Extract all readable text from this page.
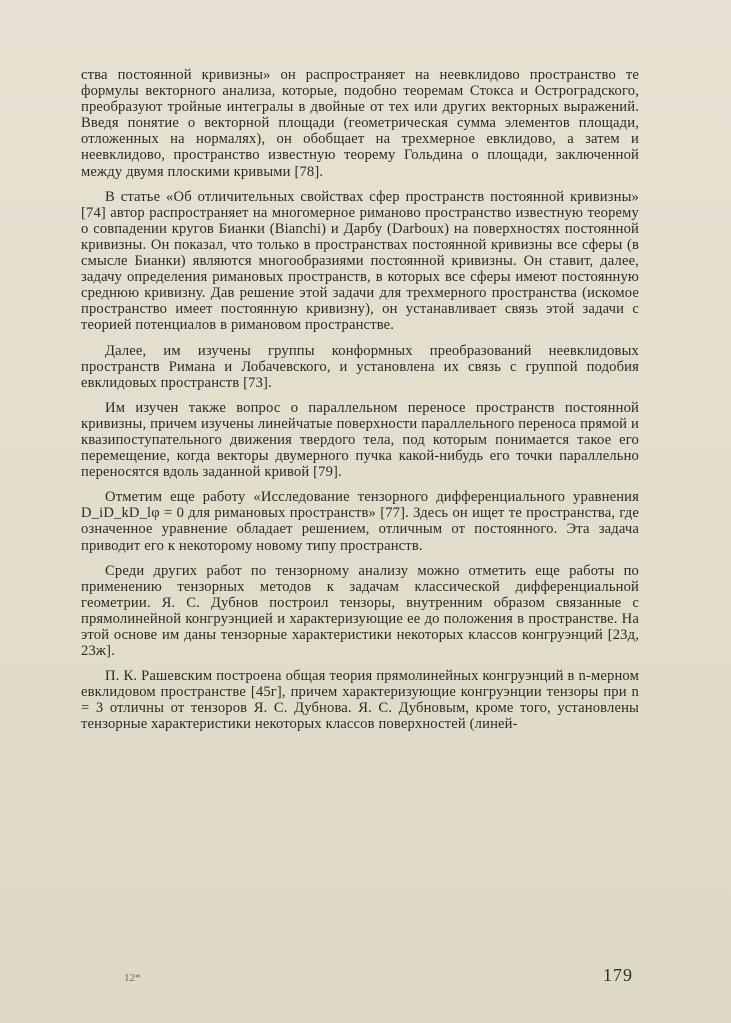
ства постоянной кривизны» он распространяет на неевклидово пространство те формулы векторного анализа, которые, подобно теоремам Стокса и Остроградского, преобразуют тройные интегралы в двойные от тех или других векторных выражений. Введя понятие о векторной площади (геометрическая сумма элементов площади, отложенных на нормалях), он обобщает на трехмерное евклидово, а затем и неевклидово, пространство известную теорему Гольдина о площади, заключенной между двумя плоскими кривыми [78].

В статье «Об отличительных свойствах сфер пространств постоянной кривизны» [74] автор распространяет на многомерное риманово пространство известную теорему о совпадении кругов Бианки (Bianchi) и Дарбу (Darboux) на поверхностях постоянной кривизны. Он показал, что только в пространствах постоянной кривизны все сферы (в смысле Бианки) являются многообразиями постоянной кривизны. Он ставит, далее, задачу определения римановых пространств, в которых все сферы имеют постоянную среднюю кривизну. Дав решение этой задачи для трехмерного пространства (искомое пространство имеет постоянную кривизну), он устанавливает связь этой задачи с теорией потенциалов в римановом пространстве.

Далее, им изучены группы конформных преобразований неевклидовых пространств Римана и Лобачевского, и установлена их связь с группой подобия евклидовых пространств [73].

Им изучен также вопрос о параллельном переносе пространств постоянной кривизны, причем изучены линейчатые поверхности параллельного переноса прямой и квазипоступательного движения твердого тела, под которым понимается такое его перемещение, когда векторы двумерного пучка какой-нибудь его точки параллельно переносятся вдоль заданной кривой [79].

Отметим еще работу «Исследование тензорного дифференциального уравнения D_iD_kD_lφ = 0 для римановых пространств» [77]. Здесь он ищет те пространства, где означенное уравнение обладает решением, отличным от постоянного. Эта задача приводит его к некоторому новому типу пространств.

Среди других работ по тензорному анализу можно отметить еще работы по применению тензорных методов к задачам классической дифференциальной геометрии. Я. С. Дубнов построил тензоры, внутренним образом связанные с прямолинейной конгруэнцией и характеризующие ее до положения в пространстве. На этой основе им даны тензорные характеристики некоторых классов конгруэнций [23д, 23ж].

П. К. Рашевским построена общая теория прямолинейных конгруэнций в n-мерном евклидовом пространстве [45г], причем характеризующие конгруэнции тензоры при n = 3 отличны от тензоров Я. С. Дубнова. Я. С. Дубновым, кроме того, установлены тензорные характеристики некоторых классов поверхностей (линей-

12*	179
